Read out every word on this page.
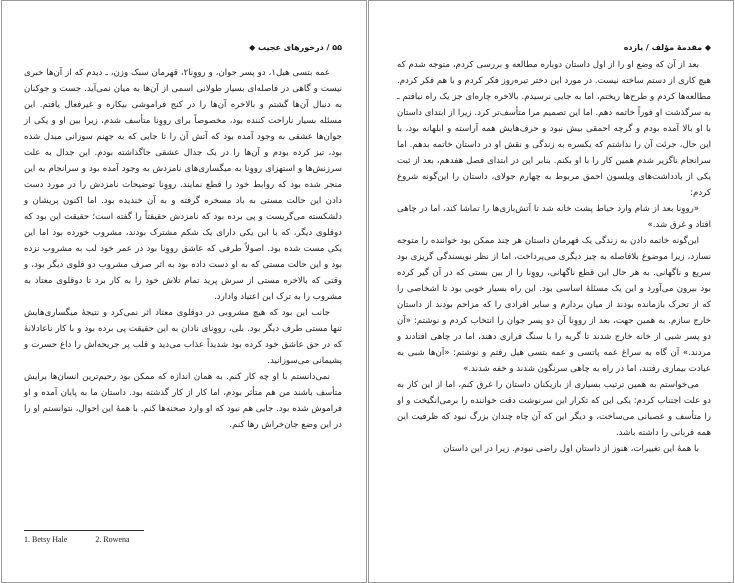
۵۵ / درخورهای عجیب ◆

عمه بتسی هیل۱، دو پسر جوان، و رووِنا۲، قهرمان سبک وزن، ـ دیدم که از آن‌ها خبری نیست و گاهی در فاصله‌ای بسیار طولانی اسمی از آن‌ها به میان نمی‌آید. جست و جوکنان به دنبال آن‌ها گشتم و بالاخره آن‌ها را در کنج فراموشی بیکاره و غیرفعال یافتم. این مسئله بسیار ناراحت کننده بود، مخصوصاً برای رووِنا متأسف شدم، زیرا بین او و یکی از جوان‌ها عشقی به وجود آمده بود که آتش آن را تا جایی که به جهنم سوزانی مبدل شده بود، تیز کرده بودم و آن‌ها را در یک جدال عشقی جاگذاشته بودم. این جدال به علت سرزنش‌ها و استهزای رووِنا به میگساری‌های نامزدش به وجود آمده بود و سرانجام به این منجر شده بود که روابط خود را قطع نمایند. رووِنا توضیحات نامزدش را در مورد دست دادن این حالت مستی به باد مسخره گرفته و به آن خندیده بود. اما اکنون پریشان و دلشکسته می‌گریست و پی برده بود که نامزدش حقیقتاً را گفته است؛ حقیقت این بود که دوقلوی دیگر، که با این یکی دارای یک شکم مشترک بودند، مشروب خورده بود اما این یکی مست شده بود. اصولاً طرفی که عاشق رووِنا بود در عمر خود لب به مشروب نزده بود و این حالت مستی که به او دست داده بود به اثر صرف مشروب دو قلوی دیگر بود، و وقتی که بالاخره مستی از سرش پرید تمام تلاش خود را به کار برد تا دوقلوی معتاد به مشروب را به ترک این اعتیاد وادارد.

جانب این بود که هیچ مشروبی در دوقلوی معتاد اثر نمی‌کرد و نتیجهٔ میگساری‌هایش تنها مستی طرف دیگر بود. بلی، رووِنای نادان به این حقیقت پی برده بود و با کار ناعادلانهٔ که در حق عاشق خود کرده بود شدیداً عذاب می‌دید و قلب پر جریحه‌اش را داغ حسرت و پشیمانی می‌سوزانید.

نمی‌دانستم با او چه کار کنم. به همان اندازه که ممکن بود رحیم‌ترین انسان‌ها برایش متأسف باشند من هم متأثر بودم، اما کار از کار گذشته بود. داستان ما به پایان آمده و او فراموش شده بود. جایی هم نبود که او وارد صحنه‌ها کنم. با همهٔ این احوال، نتوانستم او را در این وضع جان‌خراش رها کنم.

1. Betsy Hale	2. Rowena
◆ مقدمهٔ مؤلف / یازده

بعد از آن که وضع او را از اول داستان دوباره مطالعه و بررسی کردم، متوجه شدم که هیچ کاری از دستم ساخته نیست. در مورد این دختر تیره‌روز فکر کردم و با هم فکر کردم. مطالعه‌ها کردم و طرح‌ها ریختم، اما به جایی نرسیدم. بالاخره چاره‌ای جز یک راه نیافتم ـ به سرگذشت او فوراً خاتمه دهم. اما این تصمیم مرا متأسف‌تر کرد. زیرا از ابتدای داستان با او بالا آمده بودم و گرچه احمقی بیش نبود و حرف‌هایش همه آراسته و ابلهانه بود، با این حال، جرئت آن را نداشتم که یکسره به زندگی و نقش او در داستان خاتمه بدهم. اما سرانجام ناگزیر شدم همین کار را با او بکنم. بنابر این در ابتدای فصل هفدهم، بعد از ثبت یکی از یادداشت‌های ویلسون احمق مربوط به چهارم جولای، داستان را این‌گونه شروع کردم:

«رووِنا بعد از شام وارد حیاط پشت خانه شد تا آتش‌بازی‌ها را تماشا کند، اما در چاهی افتاد و غرق شد.»

این‌گونه خاتمه دادن به زندگی یک قهرمان داستان هر چند ممکن بود خواننده را متوجه نسازد، زیرا موضوع بلافاصله به چیز دیگری می‌پرداخت، اما از نظر نویسندگی گریزی بود سریع و ناگهانی. به هر حال این قطع ناگهانی، رووِنا را از بین بستی که در آن گیر کرده بود بیرون می‌آورد و این یک مسئلهٔ اساسی بود. این راه بسیار خوبی بود تا اشخاصی را که از تحرک بازمانده بودند از میان بردارم و سایر افرادی را که مزاحم بودند از داستان خارج سازم. به همین جهت، بعد از رووِنا آن دو پسر جوان را انتخاب کردم و نوشتم: «آن دو پسر شبی از خانه خارج شدند تا گربه را با سنگ فراری دهند، اما در چاهی افتادند و مردند.» آن گاه به سراغ عمه پاتسی و عمه بتسی هیل رفتم و نوشتم: «آن‌ها شبی به عیادت بیماری رفتند، اما در راه به چاهی سرنگون شدند و خفه شدند.»

می‌خواستم به همین ترتیب بسیاری از بازیکنان داستان را غرق کنم، اما از این کار به دو علت اجتناب کردم: یکی این که تکرار این سرنوشت دقت خواننده را برمی‌انگیخت و او را متأسف و عصبانی می‌ساخت، و دیگر این که آن چاه چندان بزرگ نبود که ظرفیت این همه قربانی را داشته باشد.

با همهٔ این تغییرات، هنوز از داستان اول راضی نبودم. زیرا در این داستان
